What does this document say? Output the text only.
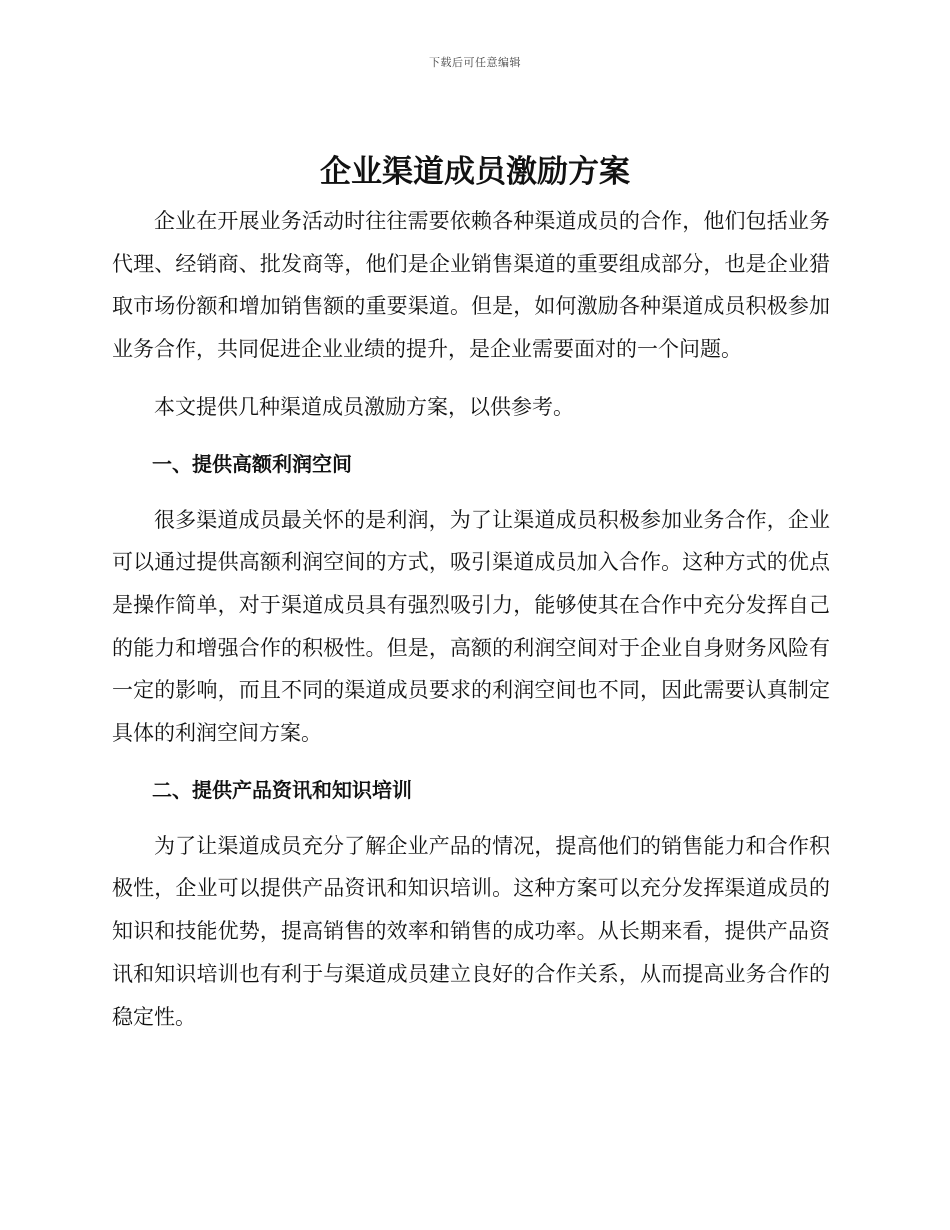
下载后可任意编辑
企业渠道成员激励方案

企业在开展业务活动时往往需要依赖各种渠道成员的合作，他们包括业务代理、经销商、批发商等，他们是企业销售渠道的重要组成部分，也是企业猎取市场份额和增加销售额的重要渠道。但是，如何激励各种渠道成员积极参加业务合作，共同促进企业业绩的提升，是企业需要面对的一个问题。

本文提供几种渠道成员激励方案，以供参考。

一、提供高额利润空间

很多渠道成员最关怀的是利润，为了让渠道成员积极参加业务合作，企业可以通过提供高额利润空间的方式，吸引渠道成员加入合作。这种方式的优点是操作简单，对于渠道成员具有强烈吸引力，能够使其在合作中充分发挥自己的能力和增强合作的积极性。但是，高额的利润空间对于企业自身财务风险有一定的影响，而且不同的渠道成员要求的利润空间也不同，因此需要认真制定具体的利润空间方案。

二、提供产品资讯和知识培训

为了让渠道成员充分了解企业产品的情况，提高他们的销售能力和合作积极性，企业可以提供产品资讯和知识培训。这种方案可以充分发挥渠道成员的知识和技能优势，提高销售的效率和销售的成功率。从长期来看，提供产品资讯和知识培训也有利于与渠道成员建立良好的合作关系，从而提高业务合作的稳定性。
